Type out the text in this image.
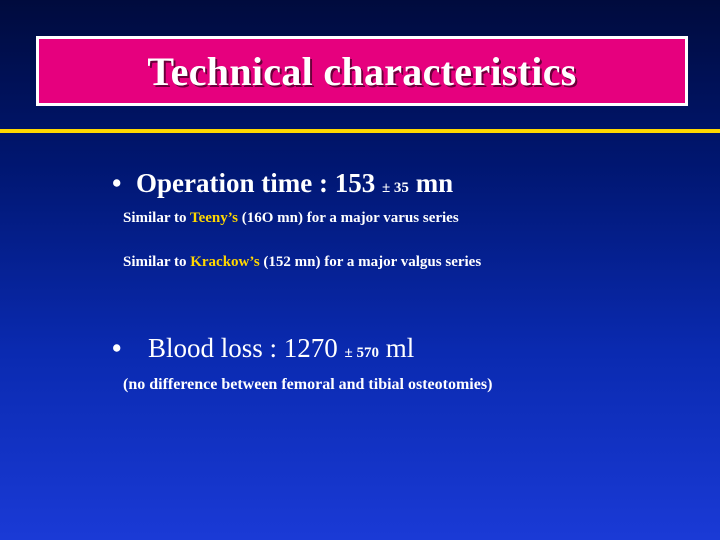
Technical characteristics
• Operation time : 153 ± 35 mn
Similar to Teeny’s (16O mn) for a major varus series
Similar to Krackow’s (152 mn) for a major valgus series
• Blood loss : 1270 ± 570 ml
(no difference between femoral and tibial osteotomies)
